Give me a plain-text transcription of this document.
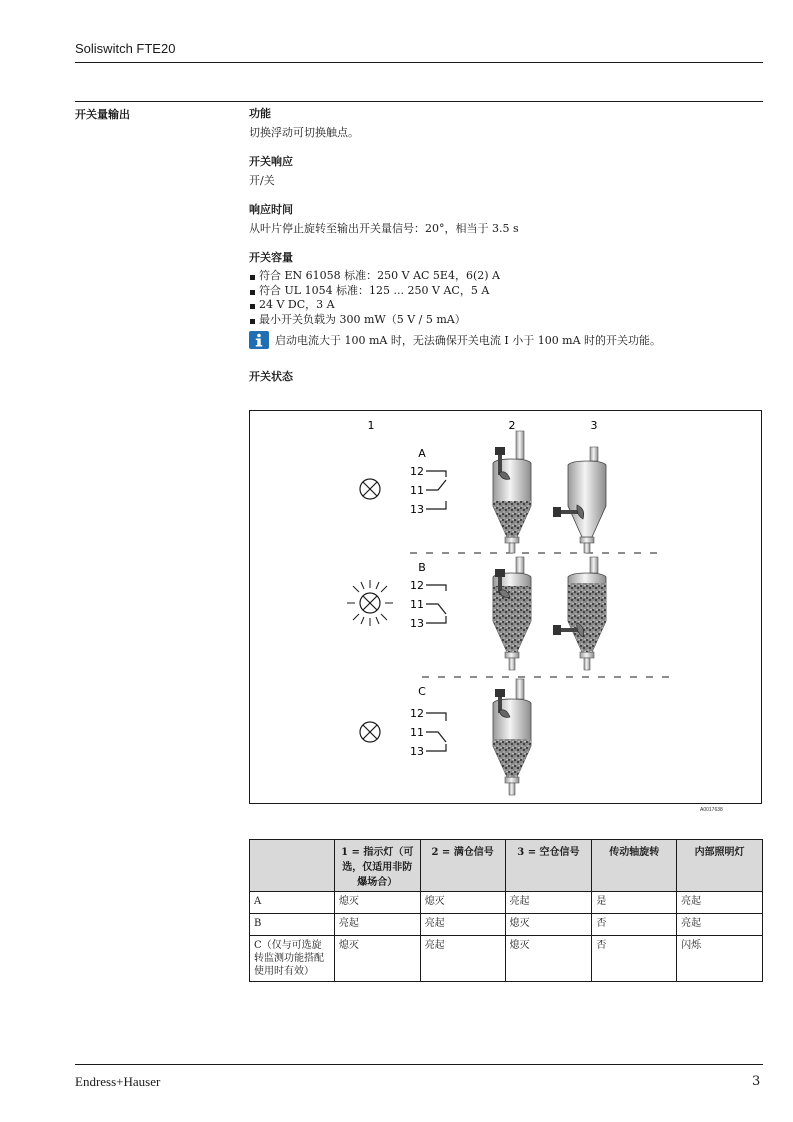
Soliswitch FTE20
开关量输出	功能
切换浮动可切换触点。
开关响应
开/关
响应时间
从叶片停止旋转至输出开关量信号：20°，相当于 3.5 s
开关容量
符合 EN 61058 标准：250 V AC 5E4，6(2) A
符合 UL 1054 标准：125 ... 250 V AC，5 A
24 V DC，3 A
最小开关负载为 300 mW（5 V / 5 mA）
启动电流大于 100 mA 时，无法确保开关电流 I 小于 100 mA 时的开关功能。
开关状态
1	2	3
A
B
C
12
11
13
12
11
13
12
11
13
A0017638
	1 = 指示灯（可选，仅适用非防爆场合）	2 = 满仓信号	3 = 空仓信号	传动轴旋转	内部照明灯
A	熄灭	熄灭	亮起	是	亮起
B	亮起	亮起	熄灭	否	亮起
C（仅与可选旋转监测功能搭配使用时有效）	熄灭	亮起	熄灭	否	闪烁
Endress+Hauser	3
